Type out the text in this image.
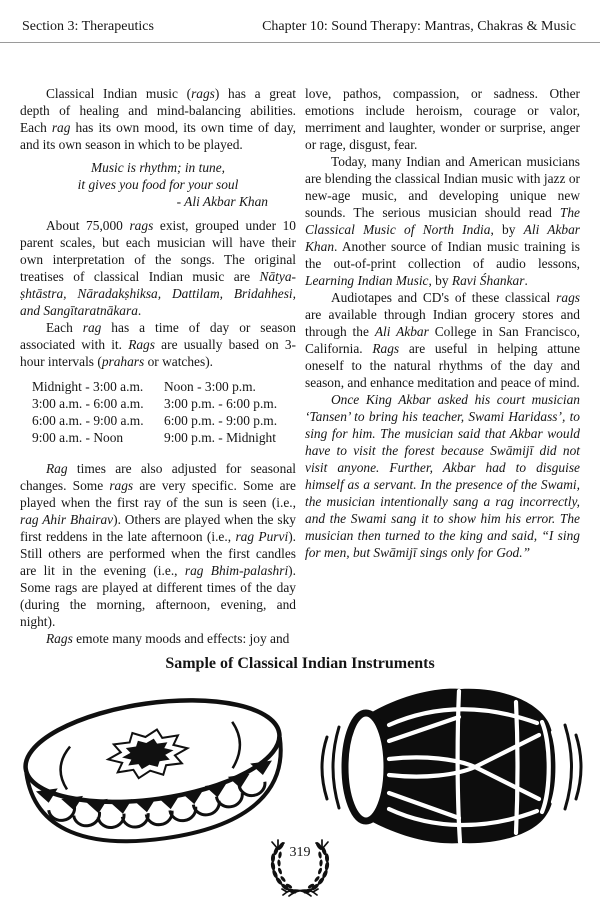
Section 3: Therapeutics	Chapter 10: Sound Therapy: Mantras, Chakras & Music

Classical Indian music (rags) has a great depth of healing and mind-balancing abilities. Each rag has its own mood, its own time of day, and its own season in which to be played.

Music is rhythm; in tune,
it gives you food for your soul
- Ali Akbar Khan

About 75,000 rags exist, grouped under 10 parent scales, but each musician will have their own interpretation of the songs. The original treatises of classical Indian music are Nātya-ṣhtāstra, Nāradakṣhiksa, Dattilam, Bridahhesi, and Sangītaratnākara.

Each rag has a time of day or season associated with it. Rags are usually based on 3-hour intervals (prahars or watches).

Midnight - 3:00 a.m.
3:00 a.m. - 6:00 a.m.
6:00 a.m. - 9:00 a.m.
9:00 a.m. - Noon
Noon - 3:00 p.m.
3:00 p.m. - 6:00 p.m.
6:00 p.m. - 9:00 p.m.
9:00 p.m. - Midnight

Rag times are also adjusted for seasonal changes. Some rags are very specific. Some are played when the first ray of the sun is seen (i.e., rag Ahir Bhairav). Others are played when the sky first reddens in the late afternoon (i.e., rag Purvi). Still others are performed when the first candles are lit in the evening (i.e., rag Bhim-palashri). Some rags are played at different times of the day (during the morning, afternoon, evening, and night).

Rags emote many moods and effects: joy and

love, pathos, compassion, or sadness. Other emotions include heroism, courage or valor, merriment and laughter, wonder or surprise, anger or rage, disgust, fear.

Today, many Indian and American musicians are blending the classical Indian music with jazz or new-age music, and developing unique new sounds. The serious musician should read The Classical Music of North India, by Ali Akbar Khan. Another source of Indian music training is the out-of-print collection of audio lessons, Learning Indian Music, by Ravi Śhankar.

Audiotapes and CD's of these classical rags are available through Indian grocery stores and through the Ali Akbar College in San Francisco, California. Rags are useful in helping attune oneself to the natural rhythms of the day and season, and enhance meditation and peace of mind.

Once King Akbar asked his court musician ‘Tansen’ to bring his teacher, Swami Haridass’, to sing for him. The musician said that Akbar would have to visit the forest because Swāmijī did not visit anyone. Further, Akbar had to disguise himself as a servant. In the presence of the Swami, the musician intentionally sang a rag incorrectly, and the Swami sang it to show him his error. The musician then turned to the king and said, “I sing for men, but Swāmijī sings only for God.”

Sample of Classical Indian Instruments
319
